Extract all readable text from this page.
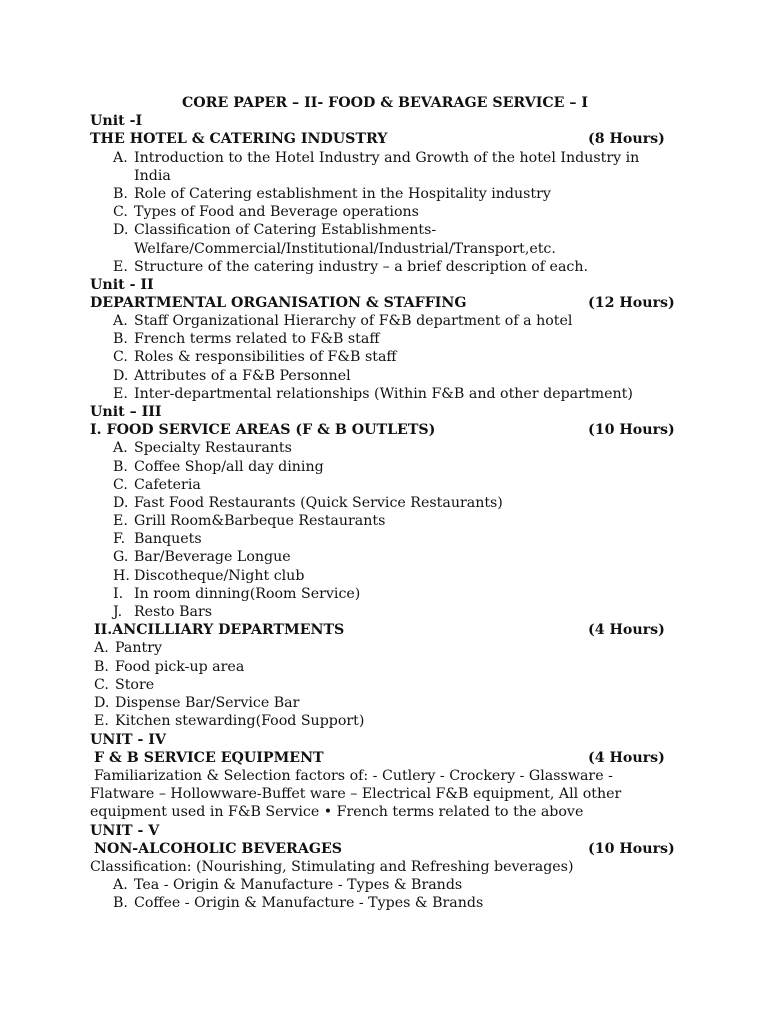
CORE PAPER – II- FOOD & BEVARAGE SERVICE – I
Unit -I
THE HOTEL & CATERING INDUSTRY	(8 Hours)
A. Introduction to the Hotel Industry and Growth of the hotel Industry in
India
B. Role of Catering establishment in the Hospitality industry
C. Types of Food and Beverage operations
D. Classification of Catering Establishments-
Welfare/Commercial/Institutional/Industrial/Transport,etc.
E. Structure of the catering industry – a brief description of each.
Unit - II
DEPARTMENTAL ORGANISATION & STAFFING	(12 Hours)
A. Staff Organizational Hierarchy of F&B department of a hotel
B. French terms related to F&B staff
C. Roles & responsibilities of F&B staff
D. Attributes of a F&B Personnel
E. Inter-departmental relationships (Within F&B and other department)
Unit – III
I. FOOD SERVICE AREAS (F & B OUTLETS)	(10 Hours)
A. Specialty Restaurants
B. Coffee Shop/all day dining
C. Cafeteria
D. Fast Food Restaurants (Quick Service Restaurants)
E. Grill Room&Barbeque Restaurants
F. Banquets
G. Bar/Beverage Longue
H. Discotheque/Night club
I. In room dinning(Room Service)
J. Resto Bars
II.ANCILLIARY DEPARTMENTS	(4 Hours)
A. Pantry
B. Food pick-up area
C. Store
D. Dispense Bar/Service Bar
E. Kitchen stewarding(Food Support)
UNIT - IV
F & B SERVICE EQUIPMENT	(4 Hours)
Familiarization & Selection factors of: - Cutlery - Crockery - Glassware -
Flatware – Hollowware-Buffet ware – Electrical F&B equipment, All other
equipment used in F&B Service • French terms related to the above
UNIT - V
NON-ALCOHOLIC BEVERAGES	(10 Hours)
Classification: (Nourishing, Stimulating and Refreshing beverages)
A. Tea - Origin & Manufacture - Types & Brands
B. Coffee - Origin & Manufacture - Types & Brands
